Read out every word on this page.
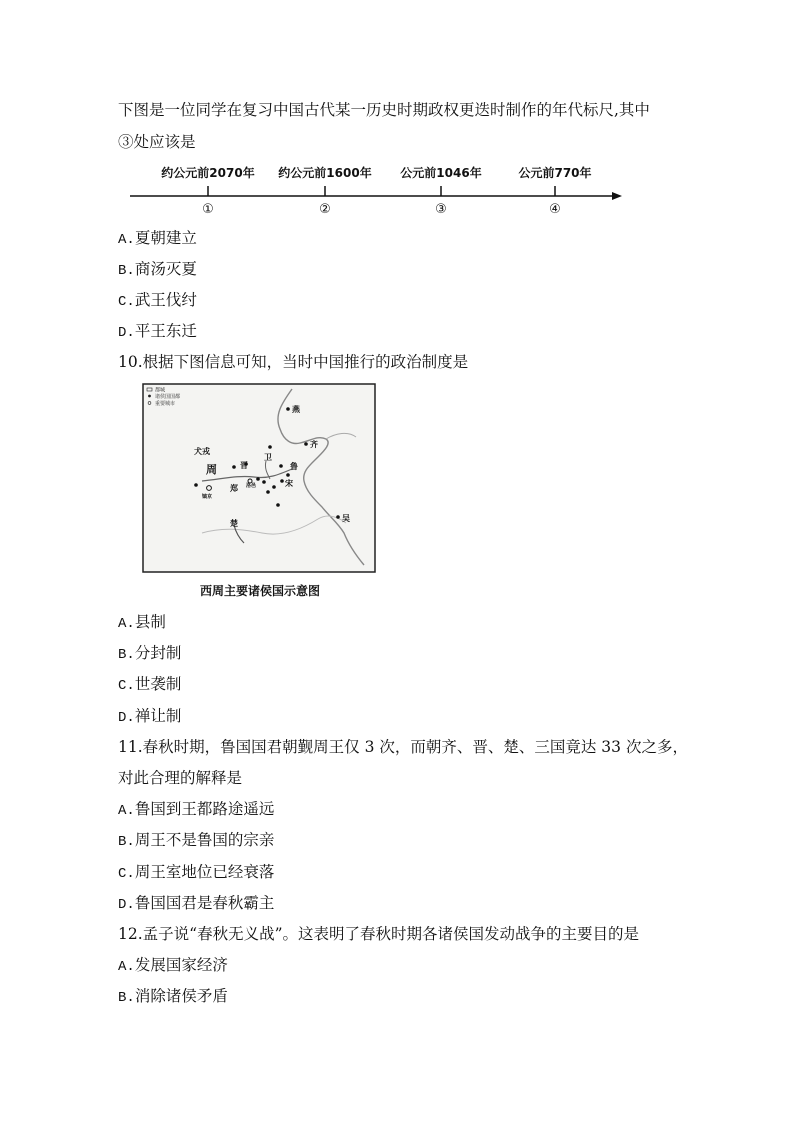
下图是一位同学在复习中国古代某一历史时期政权更迭时制作的年代标尺,其中
③处应该是
约公元前2070年 约公元前1600年 公元前1046年	公元前770年
①	②	③	④
A.夏朝建立
B.商汤灭夏
C.武王伐纣
D.平王东迁
10.根据下图信息可知，当时中国推行的政治制度是
都城
诸侯国国都
重要城市
燕
齐
卫
鲁
宋
犬戎
周	晋
郑 洛邑
镐京
楚
吴
西周主要诸侯国示意图
A.县制
B.分封制
C.世袭制
D.禅让制
11.春秋时期，鲁国国君朝觐周王仅 3 次，而朝齐、晋、楚、三国竟达 33 次之多，
对此合理的解释是
A.鲁国到王都路途遥远
B.周王不是鲁国的宗亲
C.周王室地位已经衰落
D.鲁国国君是春秋霸主
12.孟子说“春秋无义战”。这表明了春秋时期各诸侯国发动战争的主要目的是
A.发展国家经济
B.消除诸侯矛盾
